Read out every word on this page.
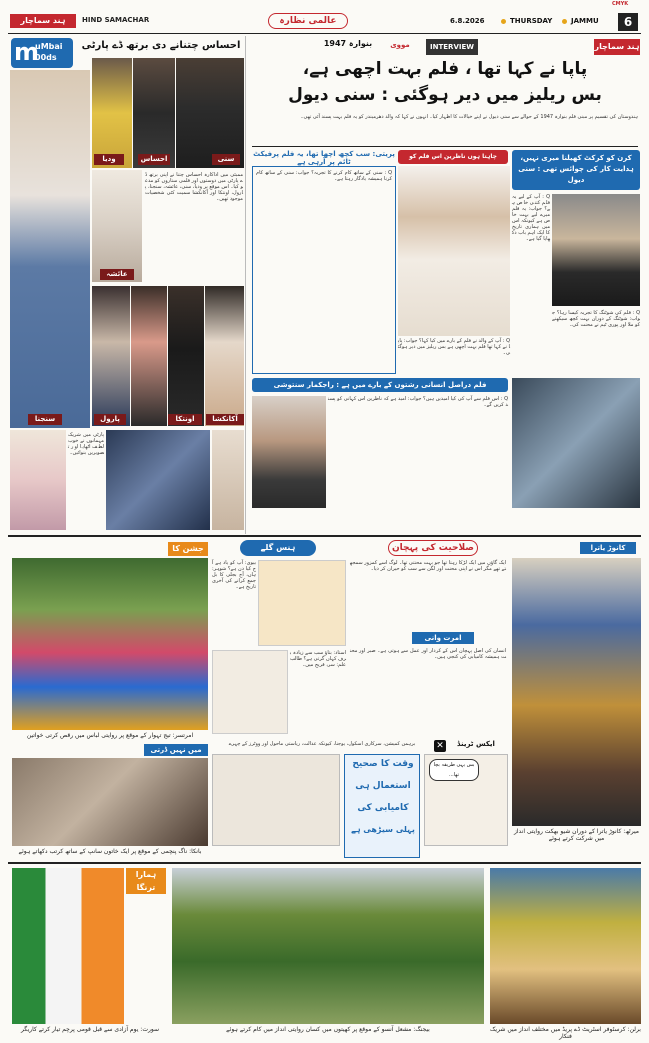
ہند سماچار	HIND SAMACHAR	عالمی نظارہ	6.8.2026	THURSDAY	JAMMU	6
CMYK
m
uMbai
00ds
احساس چتنانے دی برتھ ڈے پارٹی
ودیا	احساس	سنی
عائشہ
ممبئی میں اداکارہ احساس چتنا نے اپنی برتھ ڈے پارٹی میں دوستوں اور فلمی ستاروں کو مدعو کیا۔ اس موقع پر ودیا، سنی، عائشہ، سنجنا، پارول، اونتکا اور آکانکشا سمیت کئی شخصیات موجود تھیں۔
سنجنا	پارول	اونتکا	آکانکشا
پارٹی میں شریک مہمانوں نے خوب لطف اٹھایا اور تصویریں بنوائیں۔
ہند سماچار
INTERVIEW
مووی
بنوارہ 1947
پاپا نے کہا تھا ، فلم بہت اچھی ہے،
بس ریلیز میں دیر ہوگئی : سنی دیول
ہندوستان کی تقسیم پر مبنی فلم بنوارہ 1947 کے حوالے سے سنی دیول نے اپنے خیالات کا اظہار کیا۔ انہوں نے کہا کہ والد دھرمیندر کو یہ فلم بہت پسند آئی تھی۔
کرن کو کرکٹ کھیلنا میری نہیں، ہدایت کار کی چوائس تھی : سنی دیول
Q : آپ کے لیے یہ فلم کتنی خاص ہے؟ جواب: یہ فلم میرے لیے بہت خاص ہے کیونکہ اس میں ہماری تاریخ کا ایک اہم باب دکھایا گیا ہے۔
Q : فلم کی شوٹنگ کا تجربہ کیسا رہا؟ جواب: شوٹنگ کے دوران بہت کچھ سیکھنے کو ملا اور پوری ٹیم نے محنت کی۔
چاہتا ہوں ناظرین اس فلم کو
Q : آپ کے والد نے فلم کے بارے میں کیا کہا؟ جواب: پاپا نے کہا تھا فلم بہت اچھی ہے بس ریلیز میں دیر ہوگئی۔
پریتی: سب کچھ اچھا تھا، یہ فلم پرفیکٹ ٹائم پر آرہی ہے
Q : سنی کے ساتھ کام کرنے کا تجربہ؟ جواب: سنی کے ساتھ کام کرنا ہمیشہ یادگار رہتا ہے۔
فلم دراصل انسانی رشتوں کے بارے میں ہے : راجکمار سنتوشی
Q : اس فلم سے آپ کی کیا امیدیں ہیں؟ جواب: امید ہے کہ ناظرین اس کہانی کو پسند کریں گے۔
جشن کا
امرتسر: تیج تہوار کے موقع پر روایتی لباس میں رقص کرتی خواتین
ہنس گلے
بیوی: آپ کو یاد ہے آج کیا دن ہے؟ شوہر: ہاں، آج بجلی کا بل جمع کرانے کی آخری تاریخ ہے۔
استاد: بتاؤ سب سے زیادہ برف کہاں گرتی ہے؟ طالب علم: سر، فریج میں۔
صلاحیت کی پہچان
ایک گاؤں میں ایک لڑکا رہتا تھا جو بہت محنتی تھا۔ لوگ اسے کمزور سمجھتے تھے مگر اس نے اپنی محنت اور لگن سے سب کو حیران کر دیا۔
امرت وانی
انسان کی اصل پہچان اس کے کردار اور عمل سے ہوتی ہے۔ صبر اور محنت ہمیشہ کامیابی کی کنجی ہیں۔
کانوڑ یاترا
میرٹھ: کانوڑ یاترا کے دوران شیو بھکت روایتی انداز میں شرکت کرتے ہوئے
میں نہیں ڈرتی
بانکا: ناگ پنچمی کے موقع پر ایک خاتون سانپ کے ساتھ کرتب دکھاتے ہوئے
ایکس ٹرینڈ
✕
برہمن کمیشن، سرکاری اسکول، یوجنا، کیونکہ عدالت، ریاستی ماحول اور ووٹرز کے چہرے
وقت کا صحیح
استعمال ہی
کامیابی کی
پہلی سیڑھی ہے
بس یہی طریقہ بچا تھا...
ہمارا ترنگا
سورت: یوم آزادی سے قبل قومی پرچم تیار کرتے کاریگر	بیجنگ: مشعل آنسو کے موقع پر کھیتوں میں کسان روایتی انداز میں کام کرتے ہوئے	برلن: کرسٹوفر اسٹریٹ ڈے پریڈ میں مختلف انداز میں شریک فنکار
